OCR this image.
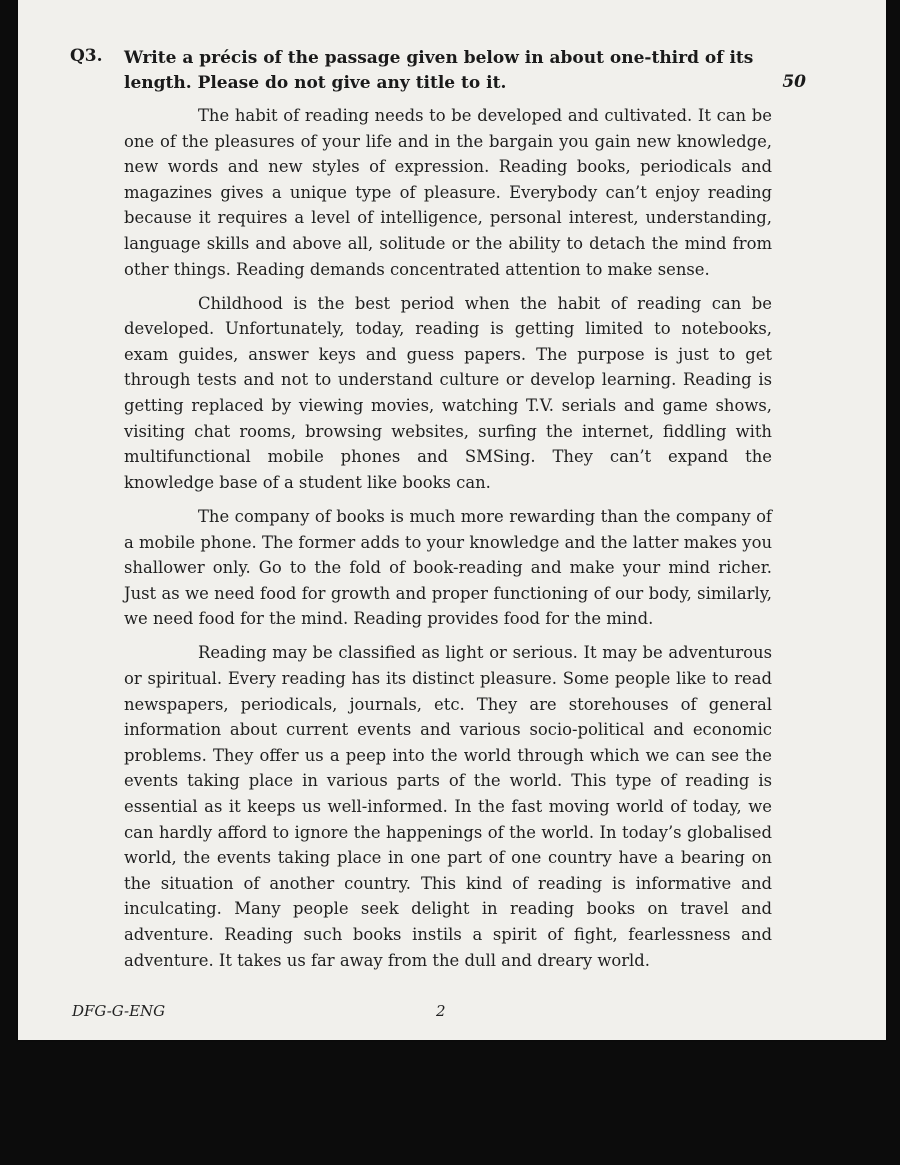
Q3. Write a précis of the passage given below in about one-third of its length. Please do not give any title to it.	50

The habit of reading needs to be developed and cultivated. It can be one of the pleasures of your life and in the bargain you gain new knowledge, new words and new styles of expression. Reading books, periodicals and magazines gives a unique type of pleasure. Everybody can’t enjoy reading because it requires a level of intelligence, personal interest, understanding, language skills and above all, solitude or the ability to detach the mind from other things. Reading demands concentrated attention to make sense.

Childhood is the best period when the habit of reading can be developed. Unfortunately, today, reading is getting limited to notebooks, exam guides, answer keys and guess papers. The purpose is just to get through tests and not to understand culture or develop learning. Reading is getting replaced by viewing movies, watching T.V. serials and game shows, visiting chat rooms, browsing websites, surfing the internet, fiddling with multifunctional mobile phones and SMSing. They can’t expand the knowledge base of a student like books can.

The company of books is much more rewarding than the company of a mobile phone. The former adds to your knowledge and the latter makes you shallower only. Go to the fold of book-reading and make your mind richer. Just as we need food for growth and proper functioning of our body, similarly, we need food for the mind. Reading provides food for the mind.

Reading may be classified as light or serious. It may be adventurous or spiritual. Every reading has its distinct pleasure. Some people like to read newspapers, periodicals, journals, etc. They are storehouses of general information about current events and various socio-political and economic problems. They offer us a peep into the world through which we can see the events taking place in various parts of the world. This type of reading is essential as it keeps us well-informed. In the fast moving world of today, we can hardly afford to ignore the happenings of the world. In today’s globalised world, the events taking place in one part of one country have a bearing on the situation of another country. This kind of reading is informative and inculcating. Many people seek delight in reading books on travel and adventure. Reading such books instils a spirit of fight, fearlessness and adventure. It takes us far away from the dull and dreary world.

DFG-G-ENG	2
